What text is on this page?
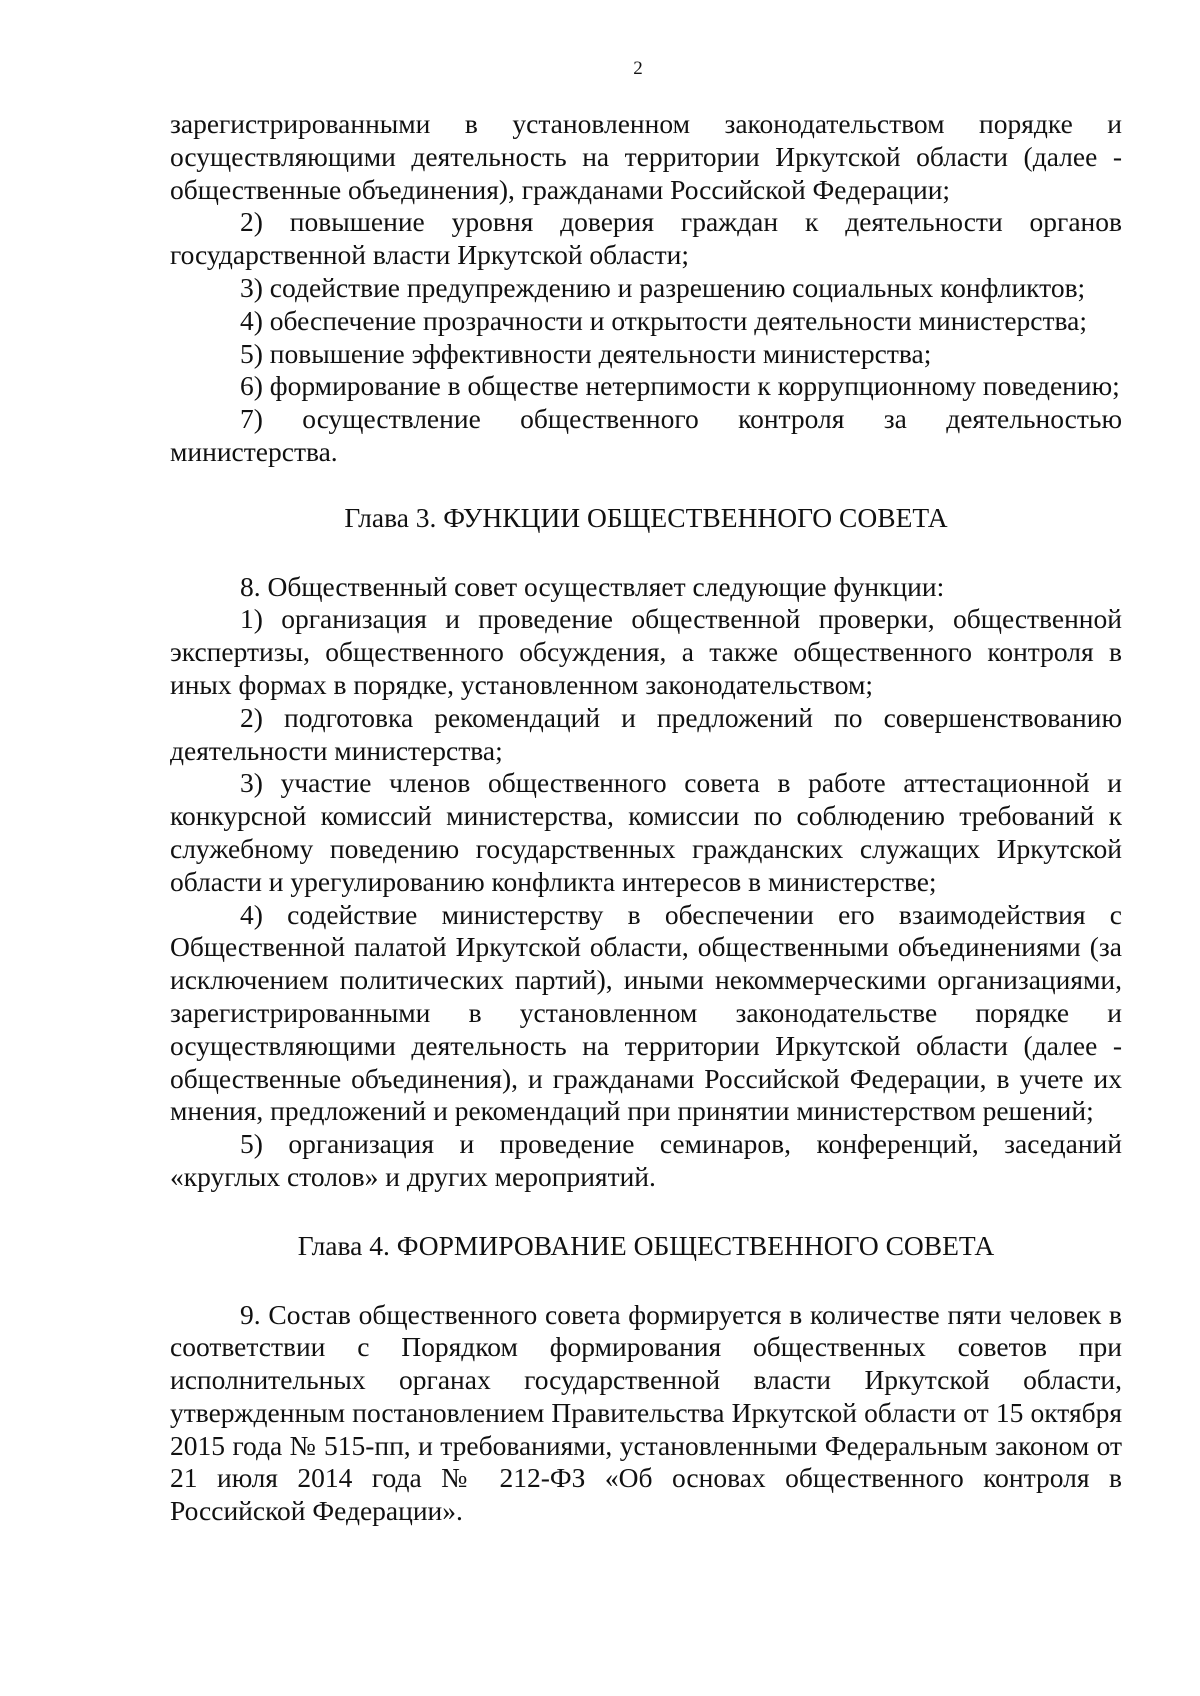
2

зарегистрированными в установленном законодательством порядке и осуществляющими деятельность на территории Иркутской области (далее - общественные объединения), гражданами Российской Федерации;

2) повышение уровня доверия граждан к деятельности органов государственной власти Иркутской области;

3) содействие предупреждению и разрешению социальных конфликтов;

4) обеспечение прозрачности и открытости деятельности министерства;

5) повышение эффективности деятельности министерства;

6) формирование в обществе нетерпимости к коррупционному поведению;

7) осуществление общественного контроля за деятельностью министерства.

Глава 3. ФУНКЦИИ ОБЩЕСТВЕННОГО СОВЕТА

8. Общественный совет осуществляет следующие функции:

1) организация и проведение общественной проверки, общественной экспертизы, общественного обсуждения, а также общественного контроля в иных формах в порядке, установленном законодательством;

2) подготовка рекомендаций и предложений по совершенствованию деятельности министерства;

3) участие членов общественного совета в работе аттестационной и конкурсной комиссий министерства, комиссии по соблюдению требований к служебному поведению государственных гражданских служащих Иркутской области и урегулированию конфликта интересов в министерстве;

4) содействие министерству в обеспечении его взаимодействия с Общественной палатой Иркутской области, общественными объединениями (за исключением политических партий), иными некоммерческими организациями, зарегистрированными в установленном законодательстве порядке и осуществляющими деятельность на территории Иркутской области (далее - общественные объединения), и гражданами Российской Федерации, в учете их мнения, предложений и рекомендаций при принятии министерством решений;

5) организация и проведение семинаров, конференций, заседаний «круглых столов» и других мероприятий.

Глава 4. ФОРМИРОВАНИЕ ОБЩЕСТВЕННОГО СОВЕТА

9. Состав общественного совета формируется в количестве пяти человек в соответствии с Порядком формирования общественных советов при исполнительных органах государственной власти Иркутской области, утвержденным постановлением Правительства Иркутской области от 15 октября 2015 года № 515-пп, и требованиями, установленными Федеральным законом от 21 июля 2014 года № 212-ФЗ «Об основах общественного контроля в Российской Федерации».
